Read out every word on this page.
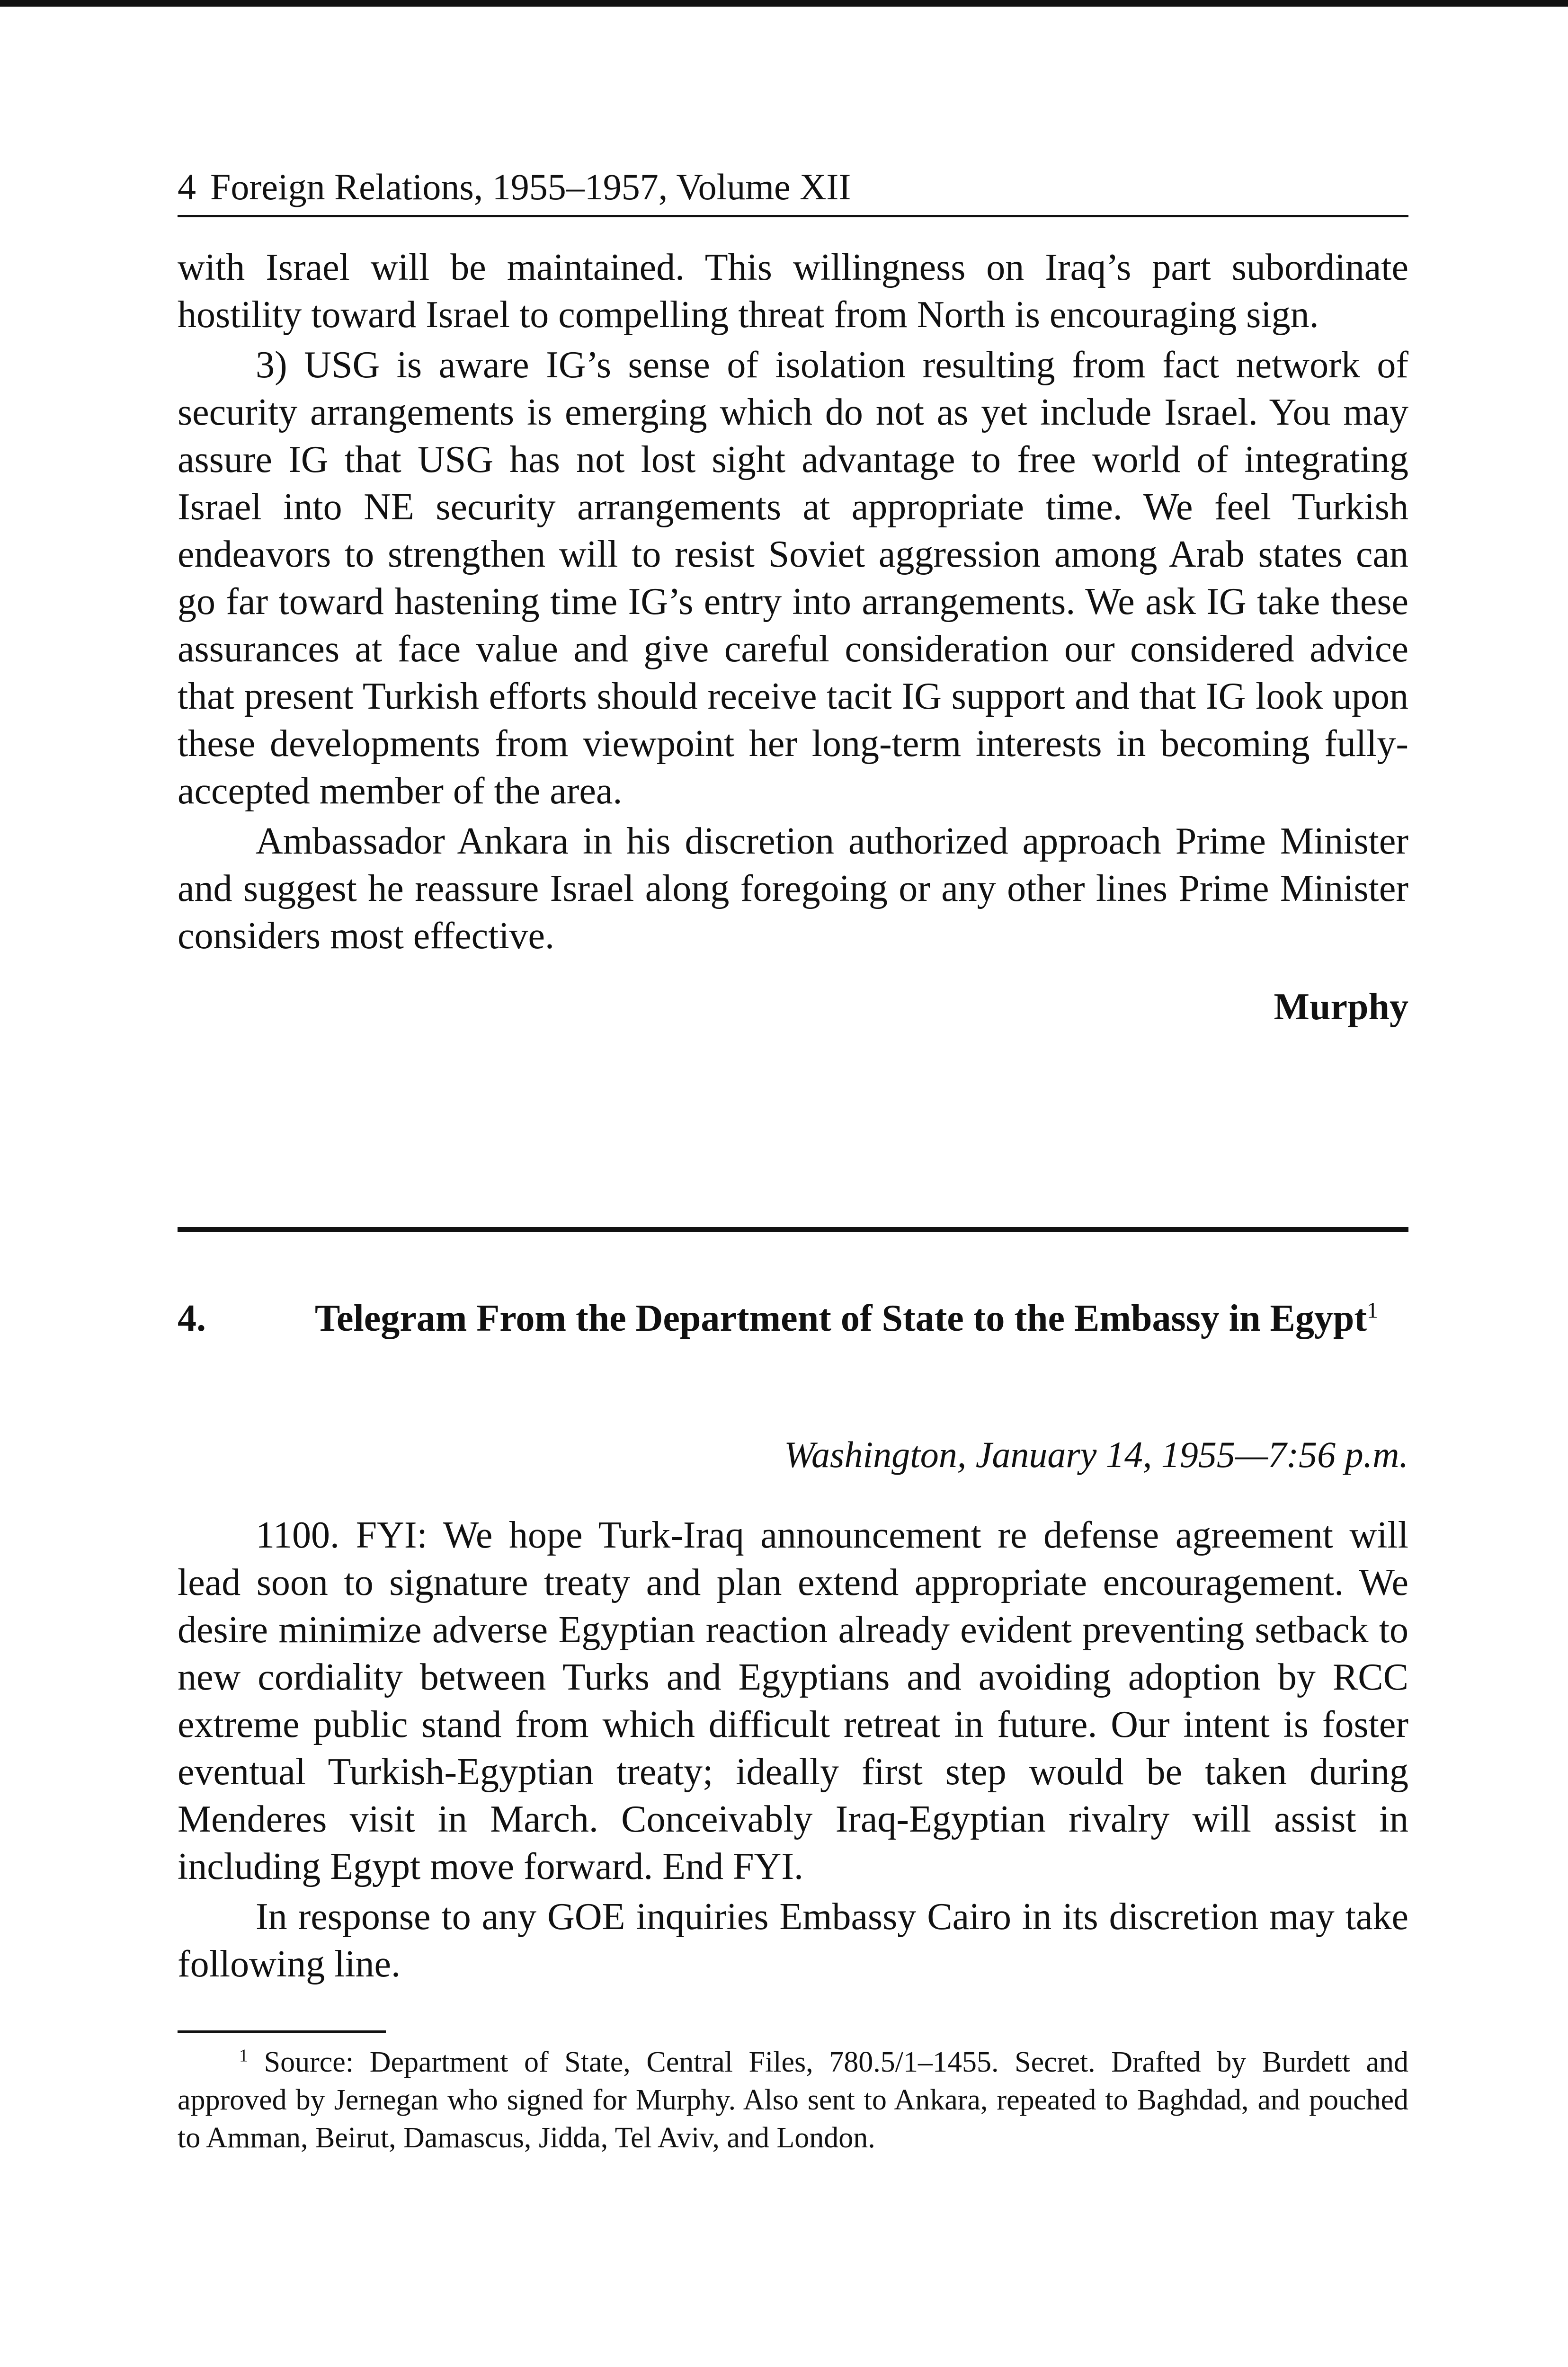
4 Foreign Relations, 1955–1957, Volume XII

with Israel will be maintained. This willingness on Iraq’s part subordinate hostility toward Israel to compelling threat from North is encouraging sign.

3) USG is aware IG’s sense of isolation resulting from fact network of security arrangements is emerging which do not as yet include Israel. You may assure IG that USG has not lost sight advantage to free world of integrating Israel into NE security arrangements at appropriate time. We feel Turkish endeavors to strengthen will to resist Soviet aggression among Arab states can go far toward hastening time IG’s entry into arrangements. We ask IG take these assurances at face value and give careful consideration our considered advice that present Turkish efforts should receive tacit IG support and that IG look upon these developments from viewpoint her long-term interests in becoming fully-accepted member of the area.

Ambassador Ankara in his discretion authorized approach Prime Minister and suggest he reassure Israel along foregoing or any other lines Prime Minister considers most effective.

Murphy
4.	Telegram From the Department of State to the Embassy in Egypt$^1$
Washington, January 14, 1955—7:56 p.m.

1100. FYI: We hope Turk-Iraq announcement re defense agreement will lead soon to signature treaty and plan extend appropriate encouragement. We desire minimize adverse Egyptian reaction already evident preventing setback to new cordiality between Turks and Egyptians and avoiding adoption by RCC extreme public stand from which difficult retreat in future. Our intent is foster eventual Turkish-Egyptian treaty; ideally first step would be taken during Menderes visit in March. Conceivably Iraq-Egyptian rivalry will assist in including Egypt move forward. End FYI.

In response to any GOE inquiries Embassy Cairo in its discretion may take following line.

$^1$ Source: Department of State, Central Files, 780.5/1–1455. Secret. Drafted by Burdett and approved by Jernegan who signed for Murphy. Also sent to Ankara, repeated to Baghdad, and pouched to Amman, Beirut, Damascus, Jidda, Tel Aviv, and London.
